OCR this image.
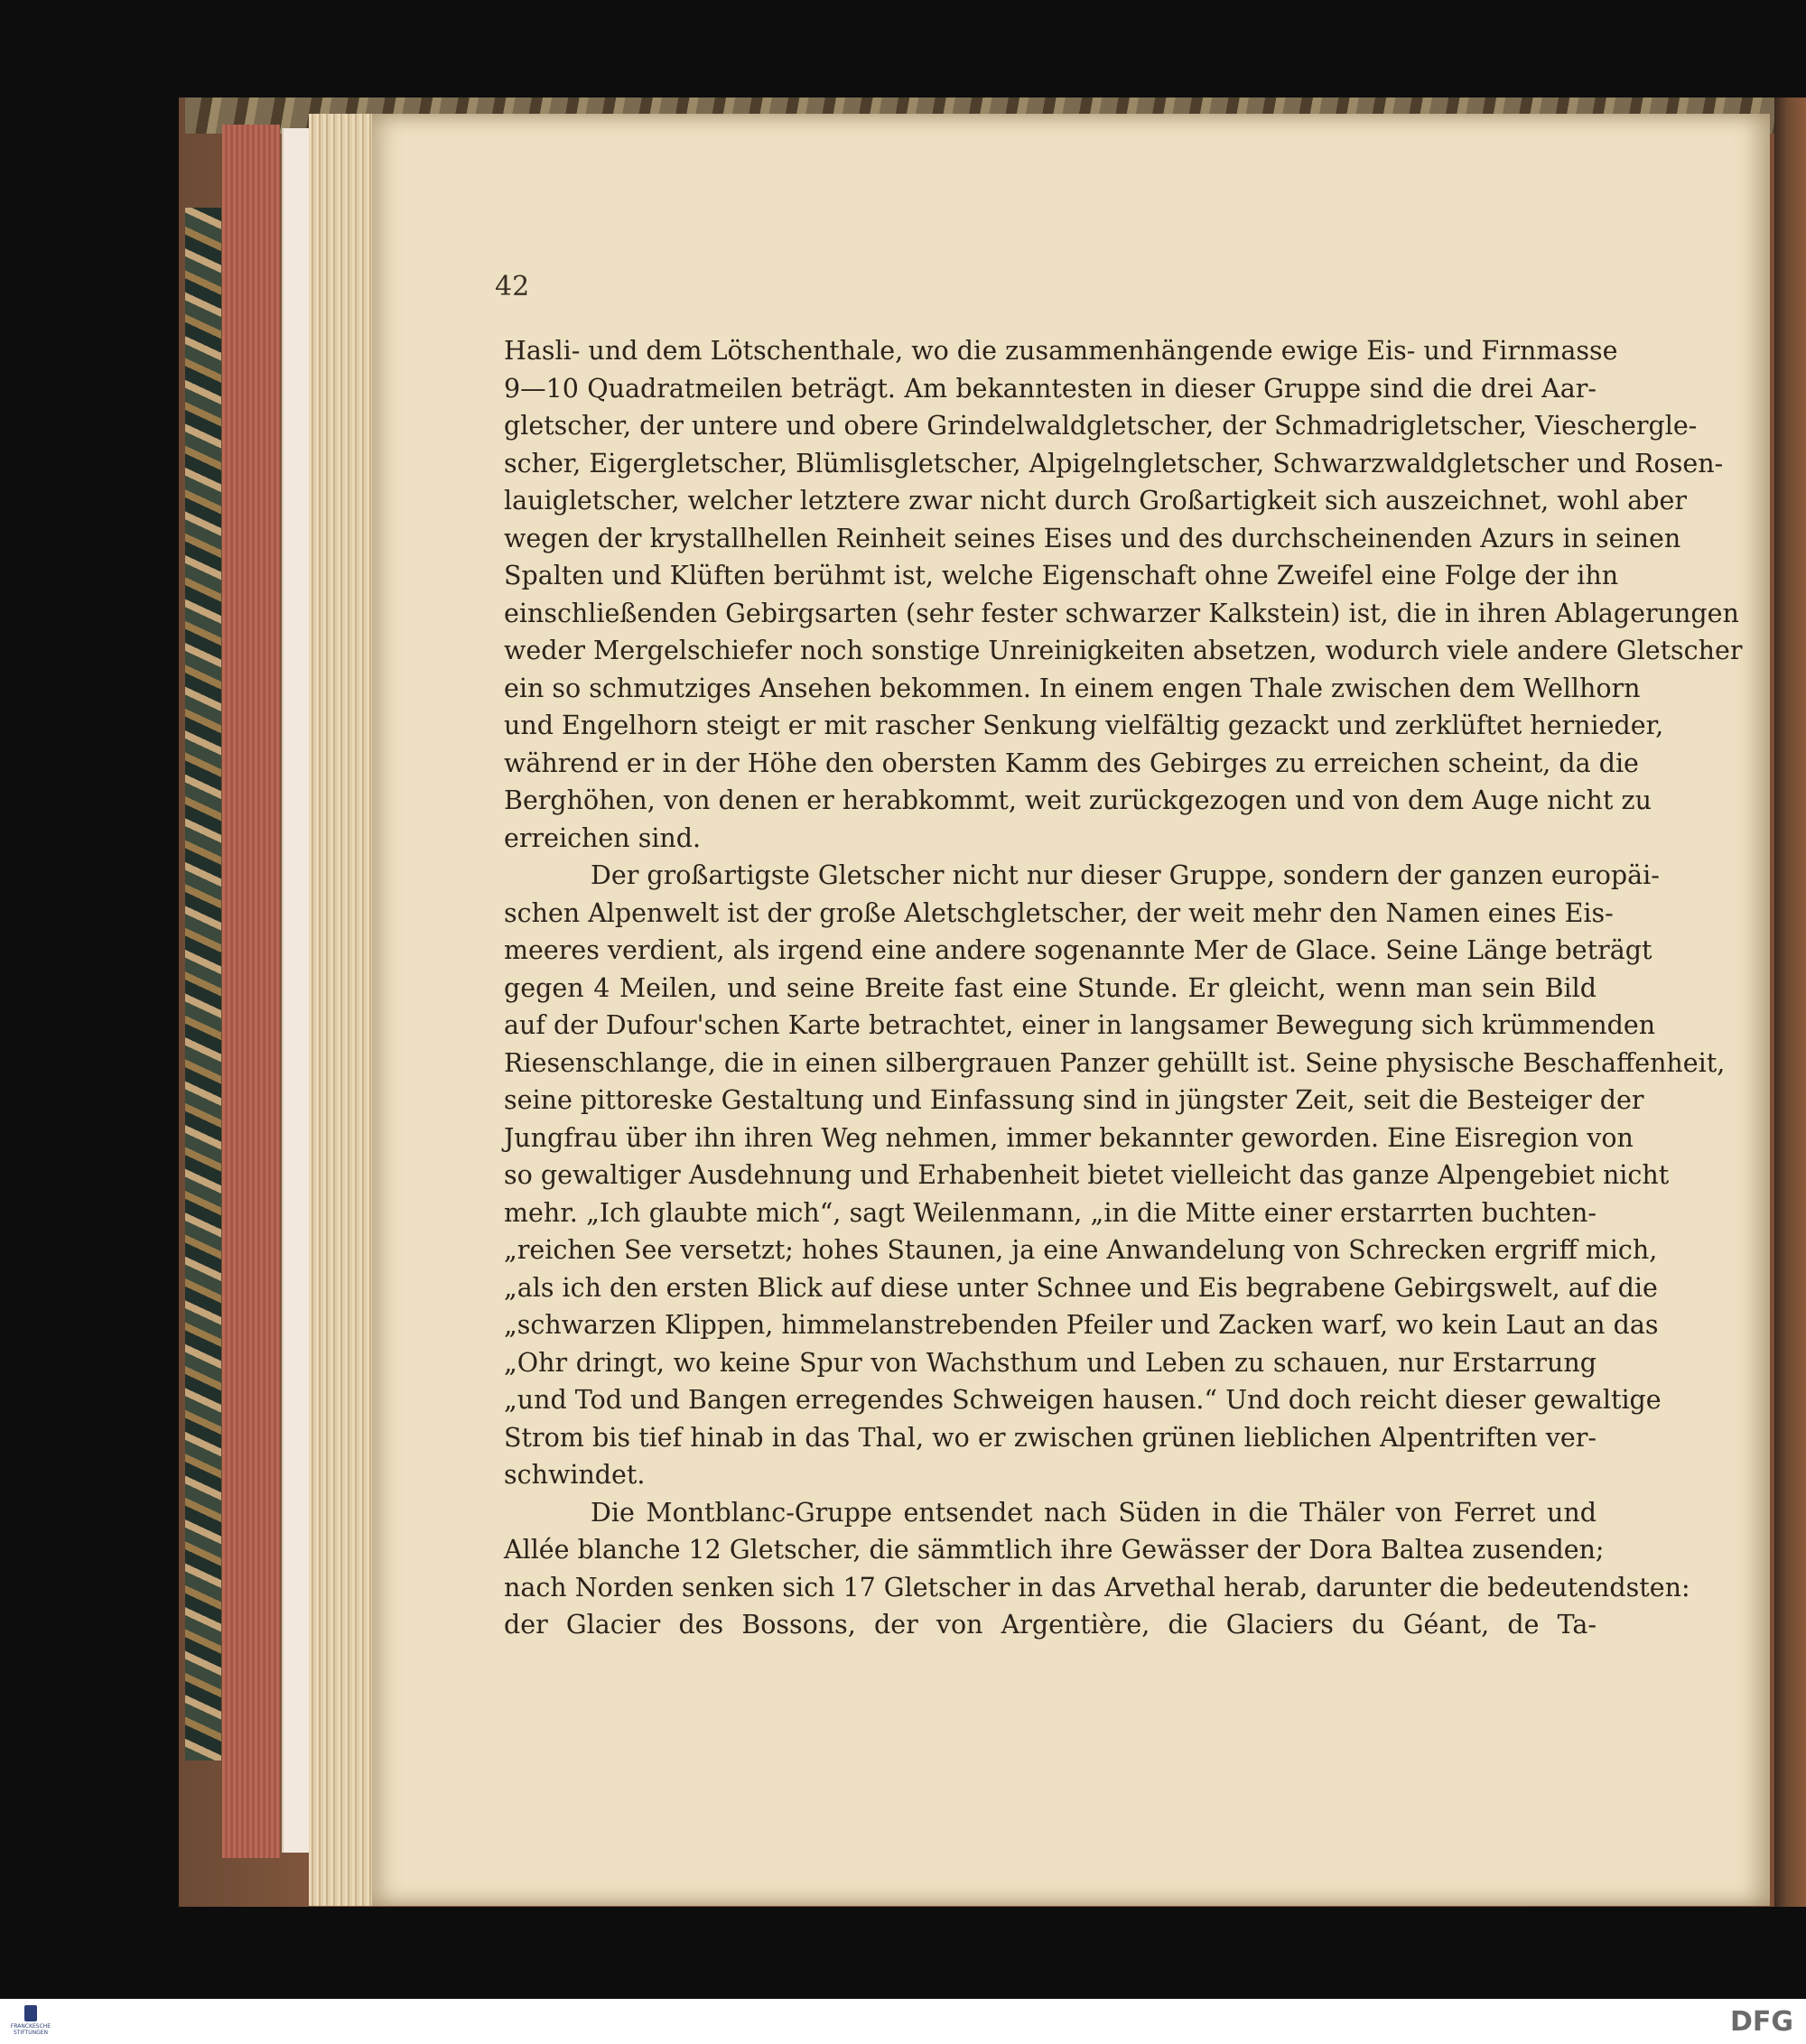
42
Hasli- und dem Lötschenthale, wo die zusammenhängende ewige Eis- und Firnmasse
9—10 Quadratmeilen beträgt. Am bekanntesten in dieser Gruppe sind die drei Aar-
gletscher, der untere und obere Grindelwaldgletscher, der Schmadrigletscher, Vieschergle-
scher, Eigergletscher, Blümlisgletscher, Alpigelngletscher, Schwarzwaldgletscher und Rosen-
lauigletscher, welcher letztere zwar nicht durch Großartigkeit sich auszeichnet, wohl aber
wegen der krystallhellen Reinheit seines Eises und des durchscheinenden Azurs in seinen
Spalten und Klüften berühmt ist, welche Eigenschaft ohne Zweifel eine Folge der ihn
einschließenden Gebirgsarten (sehr fester schwarzer Kalkstein) ist, die in ihren Ablagerungen
weder Mergelschiefer noch sonstige Unreinigkeiten absetzen, wodurch viele andere Gletscher
ein so schmutziges Ansehen bekommen. In einem engen Thale zwischen dem Wellhorn
und Engelhorn steigt er mit rascher Senkung vielfältig gezackt und zerklüftet hernieder,
während er in der Höhe den obersten Kamm des Gebirges zu erreichen scheint, da die
Berghöhen, von denen er herabkommt, weit zurückgezogen und von dem Auge nicht zu
erreichen sind.
Der großartigste Gletscher nicht nur dieser Gruppe, sondern der ganzen europäi-
schen Alpenwelt ist der große Aletschgletscher, der weit mehr den Namen eines Eis-
meeres verdient, als irgend eine andere sogenannte Mer de Glace. Seine Länge beträgt
gegen 4 Meilen, und seine Breite fast eine Stunde. Er gleicht, wenn man sein Bild
auf der Dufour'schen Karte betrachtet, einer in langsamer Bewegung sich krümmenden
Riesenschlange, die in einen silbergrauen Panzer gehüllt ist. Seine physische Beschaffenheit,
seine pittoreske Gestaltung und Einfassung sind in jüngster Zeit, seit die Besteiger der
Jungfrau über ihn ihren Weg nehmen, immer bekannter geworden. Eine Eisregion von
so gewaltiger Ausdehnung und Erhabenheit bietet vielleicht das ganze Alpengebiet nicht
mehr. „Ich glaubte mich“, sagt Weilenmann, „in die Mitte einer erstarrten buchten-
„reichen See versetzt; hohes Staunen, ja eine Anwandelung von Schrecken ergriff mich,
„als ich den ersten Blick auf diese unter Schnee und Eis begrabene Gebirgswelt, auf die
„schwarzen Klippen, himmelanstrebenden Pfeiler und Zacken warf, wo kein Laut an das
„Ohr dringt, wo keine Spur von Wachsthum und Leben zu schauen, nur Erstarrung
„und Tod und Bangen erregendes Schweigen hausen.“ Und doch reicht dieser gewaltige
Strom bis tief hinab in das Thal, wo er zwischen grünen lieblichen Alpentriften ver-
schwindet.
Die Montblanc-Gruppe entsendet nach Süden in die Thäler von Ferret und
Allée blanche 12 Gletscher, die sämmtlich ihre Gewässer der Dora Baltea zusenden;
nach Norden senken sich 17 Gletscher in das Arvethal herab, darunter die bedeutendsten:
der Glacier des Bossons, der von Argentière, die Glaciers du Géant, de Ta-
FRANCKESCHE STIFTUNGEN	DFG
